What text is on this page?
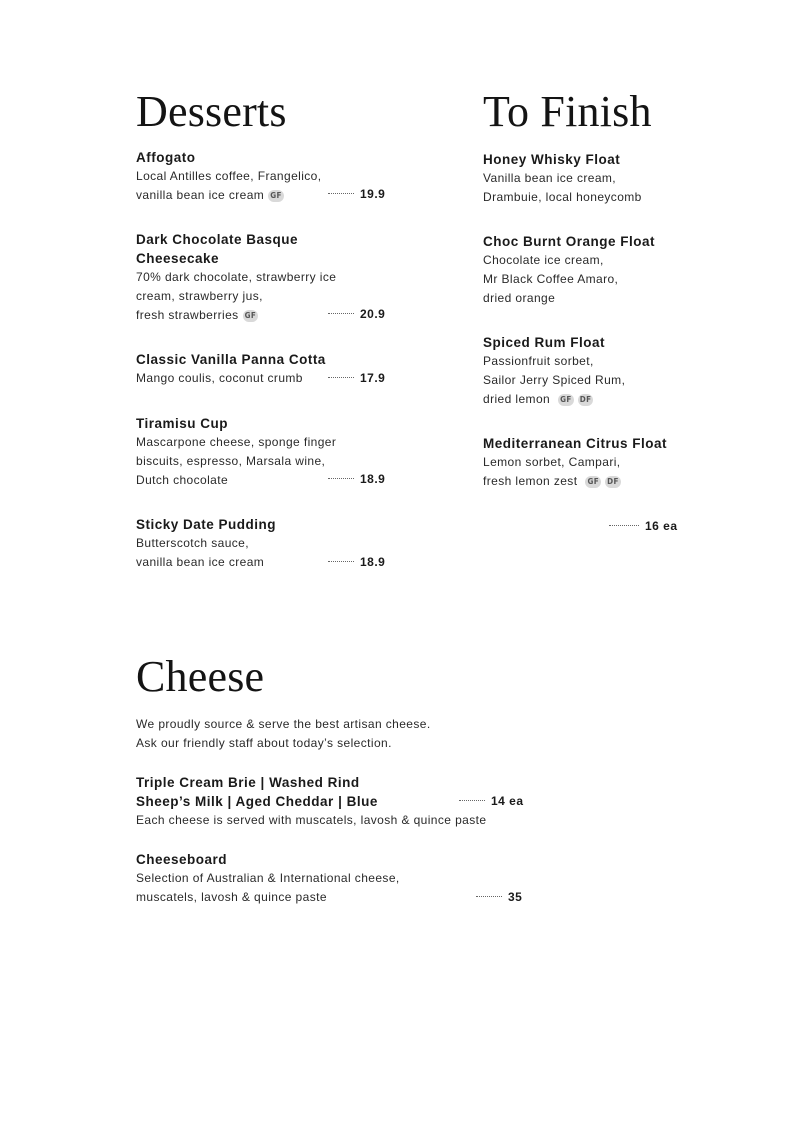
Desserts
Affogato
Local Antilles coffee, Frangelico,
vanilla bean ice cream GF	19.9
Dark Chocolate Basque
Cheesecake
70% dark chocolate, strawberry ice
cream, strawberry jus,
fresh strawberries GF	20.9
Classic Vanilla Panna Cotta
Mango coulis, coconut crumb	17.9
Tiramisu Cup
Mascarpone cheese, sponge finger
biscuits, espresso, Marsala wine,
Dutch chocolate	18.9
Sticky Date Pudding
Butterscotch sauce,
vanilla bean ice cream	18.9
To Finish
Honey Whisky Float
Vanilla bean ice cream,
Drambuie, local honeycomb
Choc Burnt Orange Float
Chocolate ice cream,
Mr Black Coffee Amaro,
dried orange
Spiced Rum Float
Passionfruit sorbet,
Sailor Jerry Spiced Rum,
dried lemon GF DF
Mediterranean Citrus Float
Lemon sorbet, Campari,
fresh lemon zest GF DF
16 ea
Cheese
We proudly source & serve the best artisan cheese.
Ask our friendly staff about today’s selection.
Triple Cream Brie | Washed Rind
Sheep’s Milk | Aged Cheddar | Blue
Each cheese is served with muscatels, lavosh & quince paste
14 ea
Cheeseboard
Selection of Australian & International cheese,
muscatels, lavosh & quince paste	35
